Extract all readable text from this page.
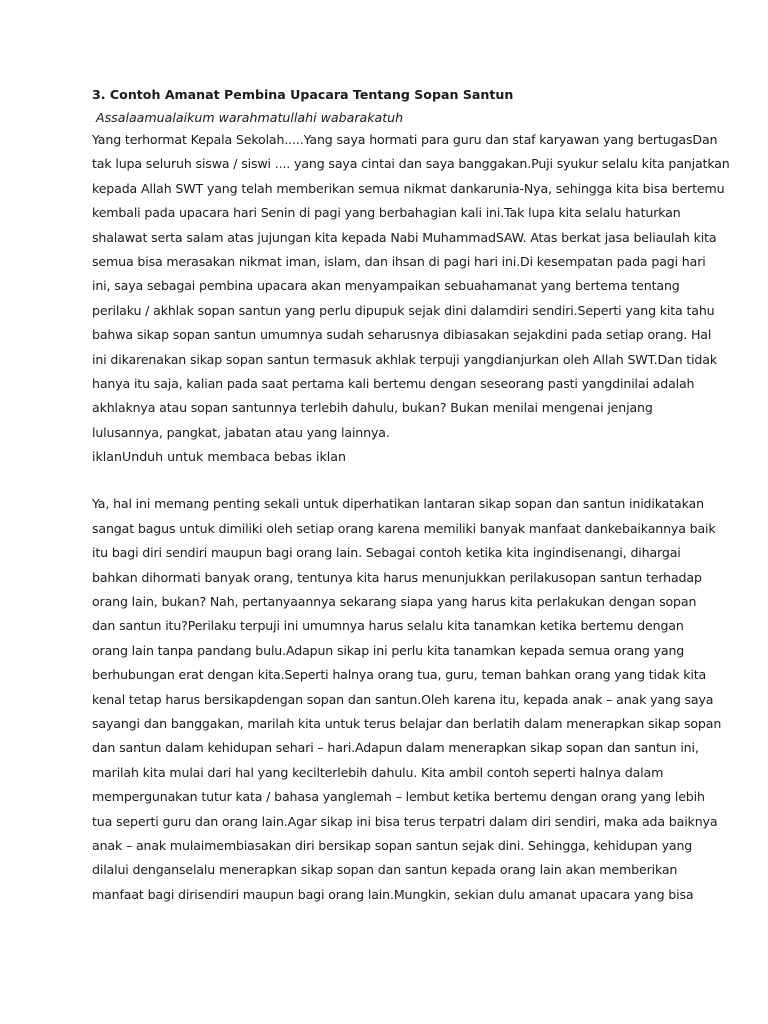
3. Contoh Amanat Pembina Upacara Tentang Sopan Santun

Assalaamualaikum warahmatullahi wabarakatuh

Yang terhormat Kepala Sekolah.....Yang saya hormati para guru dan staf karyawan yang bertugasDan
tak lupa seluruh siswa / siswi .... yang saya cintai dan saya banggakan.Puji syukur selalu kita panjatkan
kepada Allah SWT yang telah memberikan semua nikmat dankarunia-Nya, sehingga kita bisa bertemu
kembali pada upacara hari Senin di pagi yang berbahagian kali ini.Tak lupa kita selalu haturkan
shalawat serta salam atas jujungan kita kepada Nabi MuhammadSAW. Atas berkat jasa beliaulah kita
semua bisa merasakan nikmat iman, islam, dan ihsan di pagi hari ini.Di kesempatan pada pagi hari
ini, saya sebagai pembina upacara akan menyampaikan sebuahamanat yang bertema tentang
perilaku / akhlak sopan santun yang perlu dipupuk sejak dini dalamdiri sendiri.Seperti yang kita tahu
bahwa sikap sopan santun umumnya sudah seharusnya dibiasakan sejakdini pada setiap orang. Hal
ini dikarenakan sikap sopan santun termasuk akhlak terpuji yangdianjurkan oleh Allah SWT.Dan tidak
hanya itu saja, kalian pada saat pertama kali bertemu dengan seseorang pasti yangdinilai adalah
akhlaknya atau sopan santunnya terlebih dahulu, bukan? Bukan menilai mengenai jenjang
lulusannya, pangkat, jabatan atau yang lainnya.

iklanUnduh untuk membaca bebas iklan

Ya, hal ini memang penting sekali untuk diperhatikan lantaran sikap sopan dan santun inidikatakan
sangat bagus untuk dimiliki oleh setiap orang karena memiliki banyak manfaat dankebaikannya baik
itu bagi diri sendiri maupun bagi orang lain. Sebagai contoh ketika kita ingindisenangi, dihargai
bahkan dihormati banyak orang, tentunya kita harus menunjukkan perilakusopan santun terhadap
orang lain, bukan? Nah, pertanyaannya sekarang siapa yang harus kita perlakukan dengan sopan
dan santun itu?Perilaku terpuji ini umumnya harus selalu kita tanamkan ketika bertemu dengan
orang lain tanpa pandang bulu.Adapun sikap ini perlu kita tanamkan kepada semua orang yang
berhubungan erat dengan kita.Seperti halnya orang tua, guru, teman bahkan orang yang tidak kita
kenal tetap harus bersikapdengan sopan dan santun.Oleh karena itu, kepada anak – anak yang saya
sayangi dan banggakan, marilah kita untuk terus belajar dan berlatih dalam menerapkan sikap sopan
dan santun dalam kehidupan sehari – hari.Adapun dalam menerapkan sikap sopan dan santun ini,
marilah kita mulai dari hal yang kecilterlebih dahulu. Kita ambil contoh seperti halnya dalam
mempergunakan tutur kata / bahasa yanglemah – lembut ketika bertemu dengan orang yang lebih
tua seperti guru dan orang lain.Agar sikap ini bisa terus terpatri dalam diri sendiri, maka ada baiknya
anak – anak mulaimembiasakan diri bersikap sopan santun sejak dini. Sehingga, kehidupan yang
dilalui denganselalu menerapkan sikap sopan dan santun kepada orang lain akan memberikan
manfaat bagi dirisendiri maupun bagi orang lain.Mungkin, sekian dulu amanat upacara yang bisa
